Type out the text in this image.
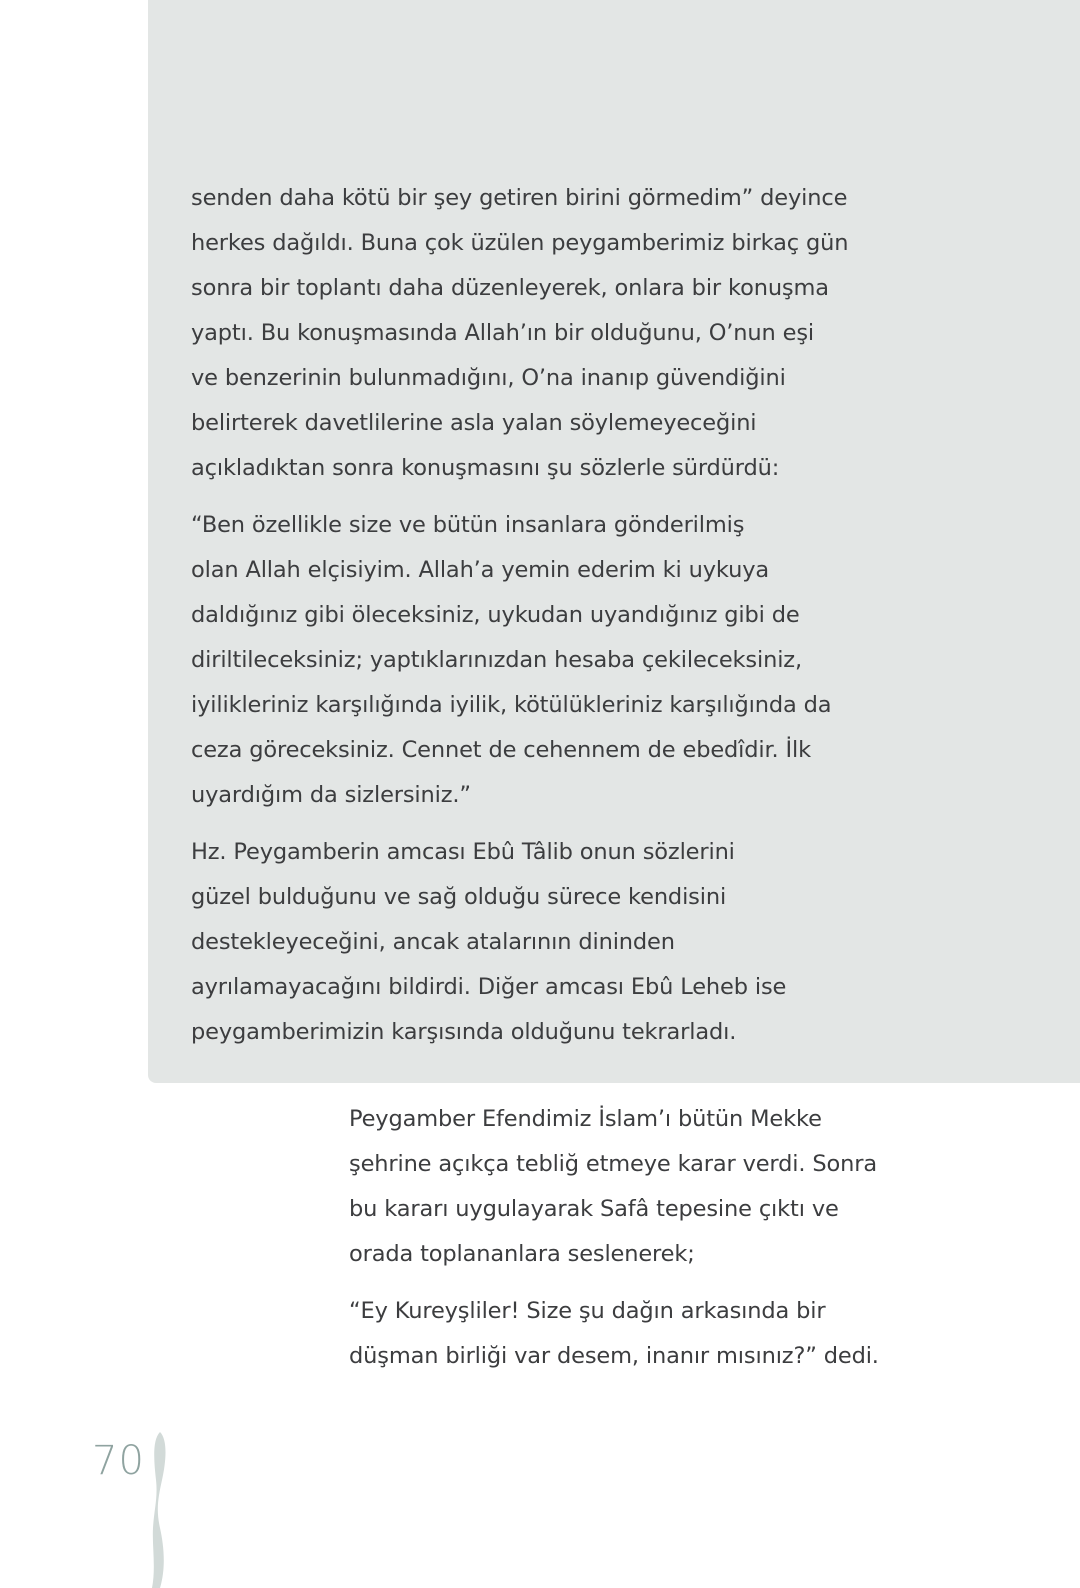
senden daha kötü bir şey getiren birini görmedim” deyince
herkes dağıldı. Buna çok üzülen peygamberimiz birkaç gün
sonra bir toplantı daha düzenleyerek, onlara bir konuşma
yaptı. Bu konuşmasında Allah’ın bir olduğunu, O’nun eşi
ve benzerinin bulunmadığını, O’na inanıp güvendiğini
belirterek davetlilerine asla yalan söylemeyeceğini
açıkladıktan sonra konuşmasını şu sözlerle sürdürdü:

“Ben özellikle size ve bütün insanlara gönderilmiş
olan Allah elçisiyim. Allah’a yemin ederim ki uykuya
daldığınız gibi öleceksiniz, uykudan uyandığınız gibi de
diriltileceksiniz; yaptıklarınızdan hesaba çekileceksiniz,
iyilikleriniz karşılığında iyilik, kötülükleriniz karşılığında da
ceza göreceksiniz. Cennet de cehennem de ebedîdir. İlk
uyardığım da sizlersiniz.”

Hz. Peygamberin amcası Ebû Tâlib onun sözlerini
güzel bulduğunu ve sağ olduğu sürece kendisini
destekleyeceğini, ancak atalarının dininden
ayrılamayacağını bildirdi. Diğer amcası Ebû Leheb ise
peygamberimizin karşısında olduğunu tekrarladı.

Peygamber Efendimiz İslam’ı bütün Mekke
şehrine açıkça tebliğ etmeye karar verdi. Sonra
bu kararı uygulayarak Safâ tepesine çıktı ve
orada toplananlara seslenerek;

“Ey Kureyşliler! Size şu dağın arkasında bir
düşman birliği var desem, inanır mısınız?” dedi.

70
